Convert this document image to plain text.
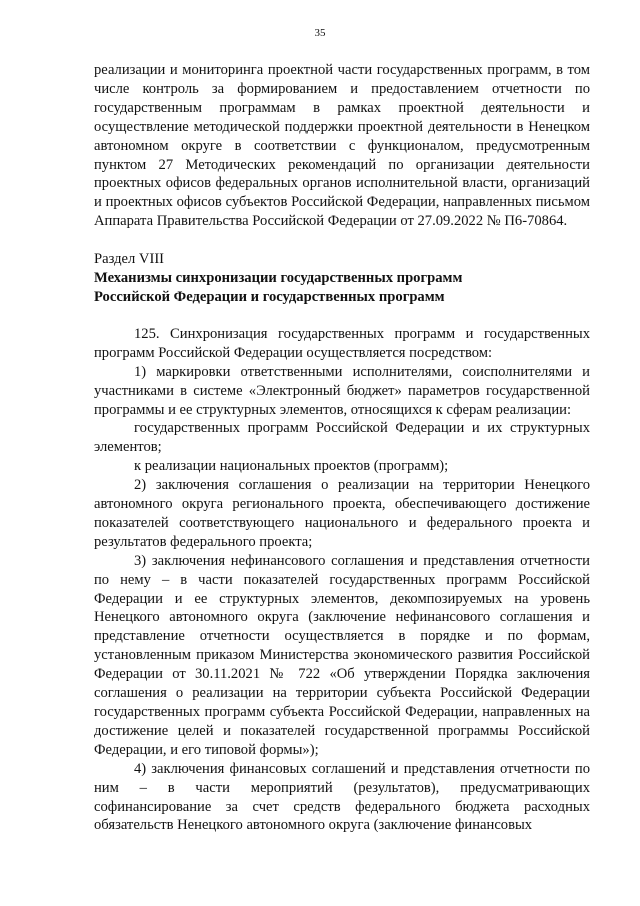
35

реализации и мониторинга проектной части государственных программ, в том числе контроль за формированием и предоставлением отчетности по государственным программам в рамках проектной деятельности и осуществление методической поддержки проектной деятельности в Ненецком автономном округе в соответствии с функционалом, предусмотренным пунктом 27 Методических рекомендаций по организации деятельности проектных офисов федеральных органов исполнительной власти, организаций и проектных офисов субъектов Российской Федерации, направленных письмом Аппарата Правительства Российской Федерации от 27.09.2022 № П6-70864.

Раздел VIII

Механизмы синхронизации государственных программ

Российской Федерации и государственных программ

125. Синхронизация государственных программ и государственных программ Российской Федерации осуществляется посредством:

1) маркировки ответственными исполнителями, соисполнителями и участниками в системе «Электронный бюджет» параметров государственной программы и ее структурных элементов, относящихся к сферам реализации:

государственных программ Российской Федерации и их структурных элементов;

к реализации национальных проектов (программ);

2) заключения соглашения о реализации на территории Ненецкого автономного округа регионального проекта, обеспечивающего достижение показателей соответствующего национального и федерального проекта и результатов федерального проекта;

3) заключения нефинансового соглашения и представления отчетности по нему – в части показателей государственных программ Российской Федерации и ее структурных элементов, декомпозируемых на уровень Ненецкого автономного округа (заключение нефинансового соглашения и представление отчетности осуществляется в порядке и по формам, установленным приказом Министерства экономического развития Российской Федерации от 30.11.2021 № 722 «Об утверждении Порядка заключения соглашения о реализации на территории субъекта Российской Федерации государственных программ субъекта Российской Федерации, направленных на достижение целей и показателей государственной программы Российской Федерации, и его типовой формы»);

4) заключения финансовых соглашений и представления отчетности по ним – в части мероприятий (результатов), предусматривающих софинансирование за счет средств федерального бюджета расходных обязательств Ненецкого автономного округа (заключение финансовых
